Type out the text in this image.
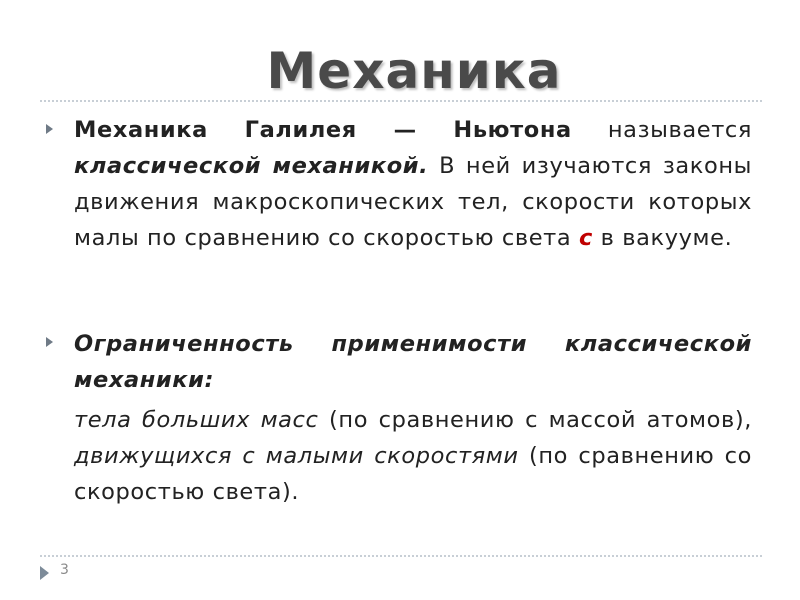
Механика
Механика Галилея — Ньютона называется классической механикой. В ней изучаются законы движения макроскопических тел, скорости которых малы по сравнению со скоростью света с в вакууме.
Ограниченность применимости классической механики:
тела больших масс (по сравнению с массой атомов), движущихся с малыми скоростями (по сравнению со скоростью света).
3
